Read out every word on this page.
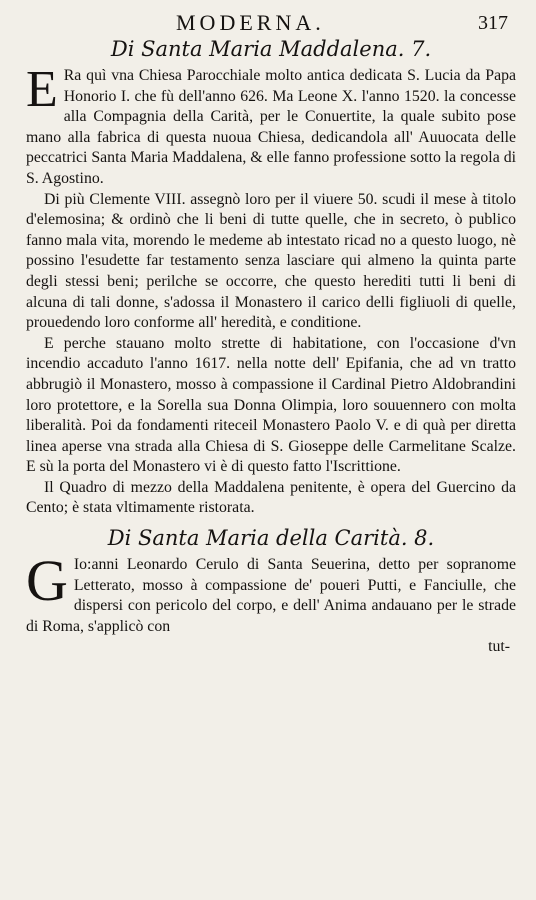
MODERNA.	317
Di Santa Maria Maddalena. 7.

E Ra quì vna Chiesa Parocchiale molto antica dedicata S. Lucia da Papa Honorio I. che fù dell'anno 626. Ma Leone X. l'anno 1520. la concesse alla Compagnia della Carità, per le Conuertite, la quale subito pose mano alla fabrica di questa nuoua Chiesa, dedicandola all' Auuocata delle peccatrici Santa Maria Maddalena, & elle fanno professione sotto la regola di S. Agostino.

Di più Clemente VIII. assegnò loro per il viuere 50. scudi il mese à titolo d'elemosina; & ordinò che li beni di tutte quelle, che in secreto, ò publico fanno mala vita, morendo le medeme ab intestato ricad no a questo luogo, nè possino l'esudette far testamento senza lasciare qui almeno la quinta parte degli stessi beni; perilche se occorre, che questo herediti tutti li beni di alcuna di tali donne, s'adossa il Monastero il carico delli figliuoli di quelle, prouedendo loro conforme all' heredità, e conditione.

E perche stauano molto strette di habitatione, con l'occasione d'vn incendio accaduto l'anno 1617. nella notte dell' Epifania, che ad vn tratto abbrugiò il Monastero, mosso à compassione il Cardinal Pietro Aldobrandini loro protettore, e la Sorella sua Donna Olimpia, loro souuennero con molta liberalità. Poi da fondamenti riteceil Monastero Paolo V. e di quà per diretta linea aperse vna strada alla Chiesa di S. Gioseppe delle Carmelitane Scalze. E sù la porta del Monastero vi è di questo fatto l'Iscrittione.

Il Quadro di mezzo della Maddalena penitente, è opera del Guercino da Cento; è stata vltimamente ristorata.

Di Santa Maria della Carità. 8.

G Io:anni Leonardo Cerulo di Santa Seuerina, detto per sopranome Letterato, mosso à compassione de' poueri Putti, e Fanciulle, che dispersi con pericolo del corpo, e dell' Anima andauano per le strade di Roma, s'applicò con

tut-
